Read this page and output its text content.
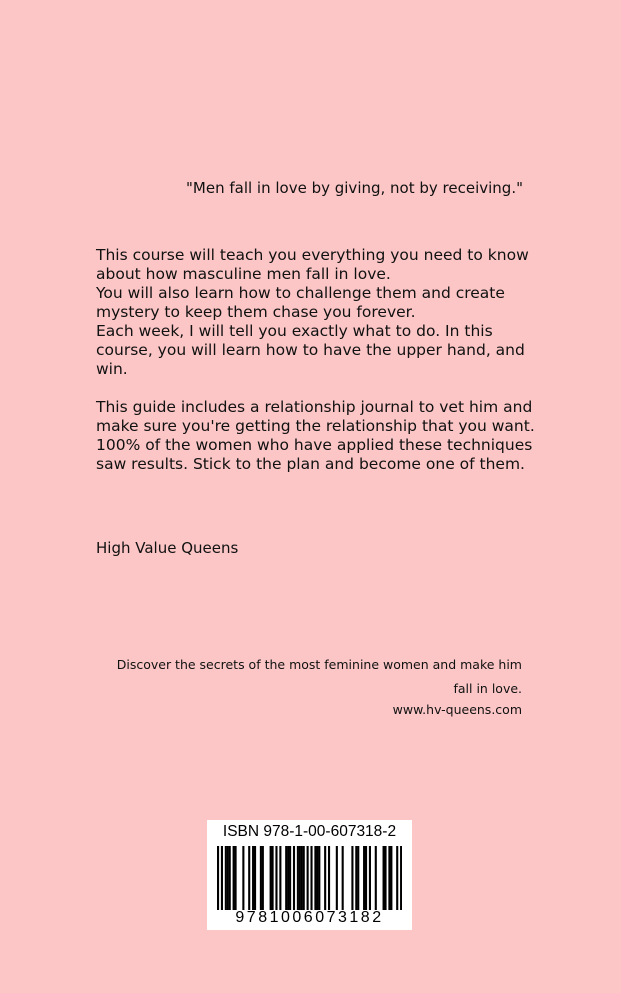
"Men fall in love by giving, not by receiving."

This course will teach you everything you need to know
about how masculine men fall in love.
You will also learn how to challenge them and create
mystery to keep them chase you forever.
Each week, I will tell you exactly what to do. In this
course, you will learn how to have the upper hand, and
win.

This guide includes a relationship journal to vet him and
make sure you're getting the relationship that you want.
100% of the women who have applied these techniques
saw results. Stick to the plan and become one of them.

High Value Queens
Discover the secrets of the most feminine women and make him
fall in love.
www.hv-queens.com
ISBN 978-1-00-607318-2
9781006073182
